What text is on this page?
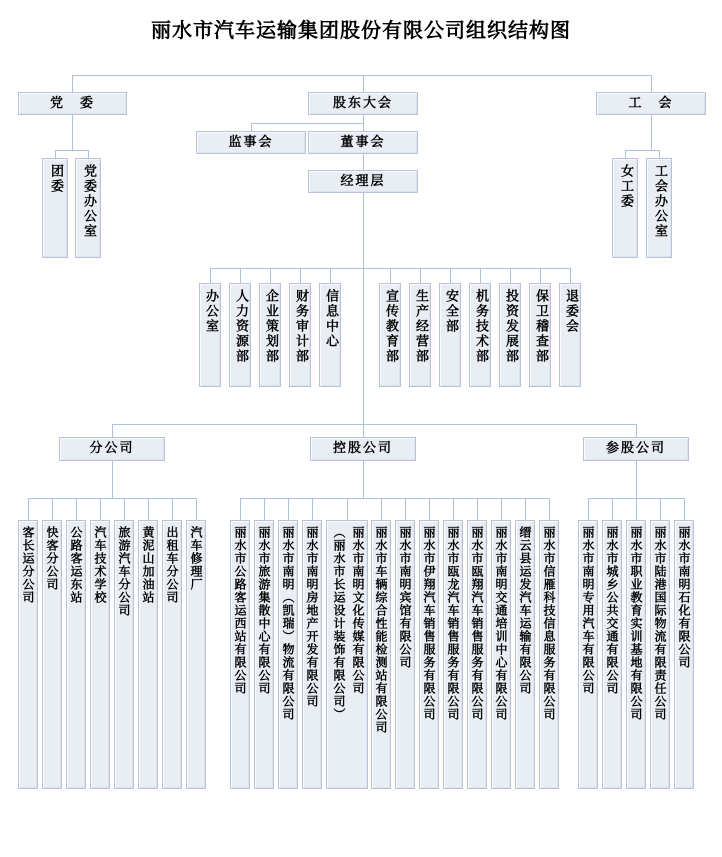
丽水市汽车运输集团股份有限公司组织结构图
党　委	股东大会	工　会
监事会	董事会
经理层
团委	党委办公室	女工委	工会办公室
办公室	人力资源部	企业策划部	财务审计部	信息中心	宣传教育部	生产经营部	安全部	机务技术部	投资发展部	保卫稽查部	退委会
分公司	控股公司	参股公司
客长运分公司 快客分公司 公路客运东站 汽车技术学校 旅游汽车分公司 黄泥山加油站 出租车分公司 汽车修理厂	丽水市公路客运西站有限公司 丽水市旅游集散中心有限公司 丽水市南明（凯瑞）物流有限公司 丽水市南明房地产开发有限公司	丽水市南明文化传媒有限公司
（丽水市长运设计装饰有限公司） 丽水市车辆综合性能检测站有限公司 丽水市南明宾馆有限公司 丽水市伊翔汽车销售服务有限公司 丽水市瓯龙汽车销售服务有限公司 丽水市瓯翔汽车销售服务有限公司 丽水市南明交通培训中心有限公司 缙云县运发汽车运输有限公司 丽水市信雁科技信息服务有限公司 丽水市南明专用汽车有限公司 丽水市城乡公共交通有限公司 丽水市职业教育实训基地有限公司 丽水市陆港国际物流有限责任公司 丽水市南明石化有限公司
